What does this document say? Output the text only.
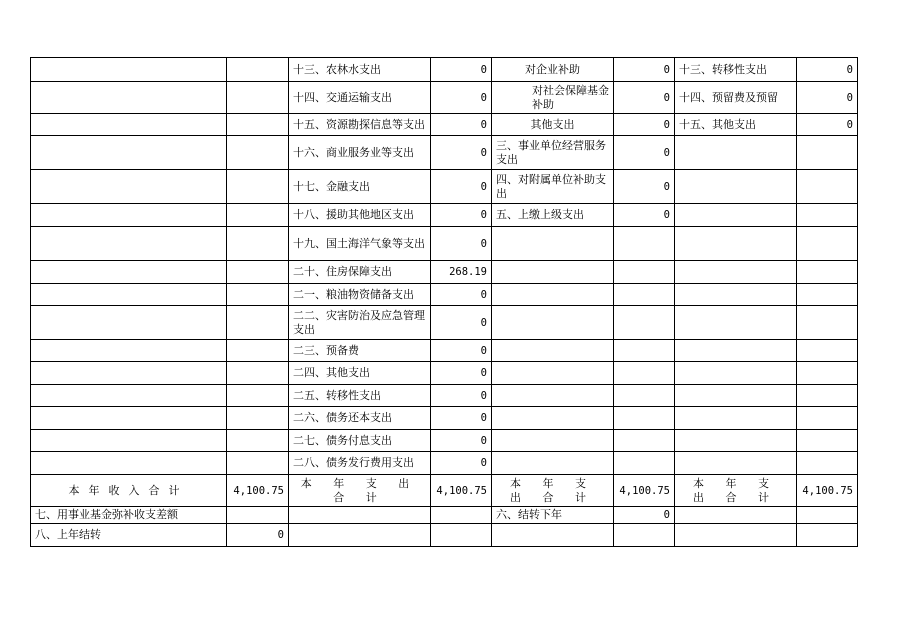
		十三、农林水支出	0	对企业补助	0	十三、转移性支出	0
		十四、交通运输支出	0	对社会保障基金补助	0	十四、预留费及预留	0
		十五、资源勘探信息等支出	0	其他支出	0	十五、其他支出	0
		十六、商业服务业等支出	0	三、事业单位经营服务支出	0		
		十七、金融支出	0	四、对附属单位补助支出	0		
		十八、援助其他地区支出	0	五、上缴上级支出	0		
		十九、国土海洋气象等支出	0				
		二十、住房保障支出	268.19				
		二一、粮油物资储备支出	0				
		二二、灾害防治及应急管理支出	0				
		二三、预备费	0				
		二四、其他支出	0				
		二五、转移性支出	0				
		二六、债务还本支出	0				
		二七、债务付息支出	0				
		二八、债务发行费用支出	0				
本年收入合计	4,100.75	本 年 支 出 合 计	4,100.75	本 年 支 出 合 计	4,100.75	本 年 支 出 合 计	4,100.75
七、用事业基金弥补收支差额				六、结转下年	0		
八、上年结转	0						
